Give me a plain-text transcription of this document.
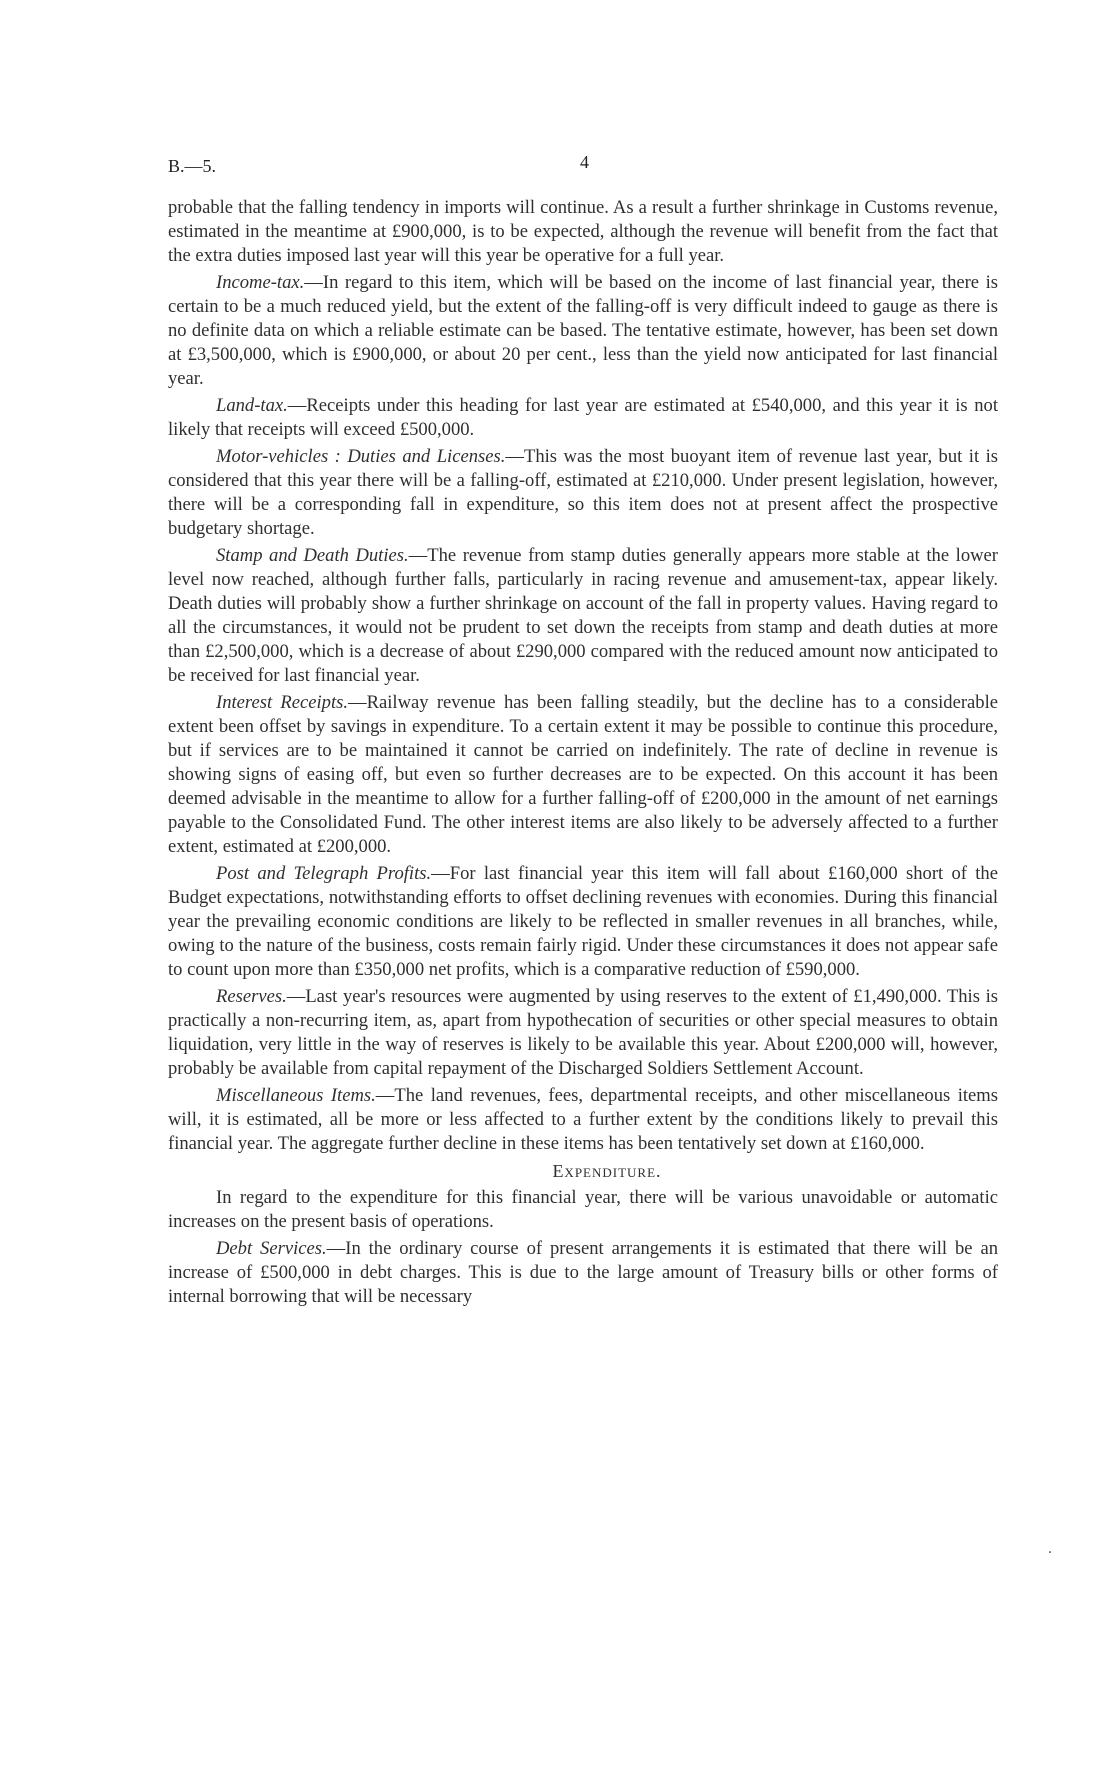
B.—5.	4

probable that the falling tendency in imports will continue. As a result a further shrinkage in Customs revenue, estimated in the meantime at £900,000, is to be expected, although the revenue will benefit from the fact that the extra duties imposed last year will this year be operative for a full year.

Income-tax.—In regard to this item, which will be based on the income of last financial year, there is certain to be a much reduced yield, but the extent of the falling-off is very difficult indeed to gauge as there is no definite data on which a reliable estimate can be based. The tentative estimate, however, has been set down at £3,500,000, which is £900,000, or about 20 per cent., less than the yield now anticipated for last financial year.

Land-tax.—Receipts under this heading for last year are estimated at £540,000, and this year it is not likely that receipts will exceed £500,000.

Motor-vehicles : Duties and Licenses.—This was the most buoyant item of revenue last year, but it is considered that this year there will be a falling-off, estimated at £210,000. Under present legislation, however, there will be a corresponding fall in expenditure, so this item does not at present affect the prospective budgetary shortage.

Stamp and Death Duties.—The revenue from stamp duties generally appears more stable at the lower level now reached, although further falls, particularly in racing revenue and amusement-tax, appear likely. Death duties will probably show a further shrinkage on account of the fall in property values. Having regard to all the circumstances, it would not be prudent to set down the receipts from stamp and death duties at more than £2,500,000, which is a decrease of about £290,000 compared with the reduced amount now anticipated to be received for last financial year.

Interest Receipts.—Railway revenue has been falling steadily, but the decline has to a considerable extent been offset by savings in expenditure. To a certain extent it may be possible to continue this procedure, but if services are to be maintained it cannot be carried on indefinitely. The rate of decline in revenue is showing signs of easing off, but even so further decreases are to be expected. On this account it has been deemed advisable in the meantime to allow for a further falling-off of £200,000 in the amount of net earnings payable to the Consolidated Fund. The other interest items are also likely to be adversely affected to a further extent, estimated at £200,000.

Post and Telegraph Profits.—For last financial year this item will fall about £160,000 short of the Budget expectations, notwithstanding efforts to offset declining revenues with economies. During this financial year the prevailing economic conditions are likely to be reflected in smaller revenues in all branches, while, owing to the nature of the business, costs remain fairly rigid. Under these circumstances it does not appear safe to count upon more than £350,000 net profits, which is a comparative reduction of £590,000.

Reserves.—Last year's resources were augmented by using reserves to the extent of £1,490,000. This is practically a non-recurring item, as, apart from hypothecation of securities or other special measures to obtain liquidation, very little in the way of reserves is likely to be available this year. About £200,000 will, however, probably be available from capital repayment of the Discharged Soldiers Settlement Account.

Miscellaneous Items.—The land revenues, fees, departmental receipts, and other miscellaneous items will, it is estimated, all be more or less affected to a further extent by the conditions likely to prevail this financial year. The aggregate further decline in these items has been tentatively set down at £160,000.

Expenditure.

In regard to the expenditure for this financial year, there will be various unavoidable or automatic increases on the present basis of operations.

Debt Services.—In the ordinary course of present arrangements it is estimated that there will be an increase of £500,000 in debt charges. This is due to the large amount of Treasury bills or other forms of internal borrowing that will be necessary

.
